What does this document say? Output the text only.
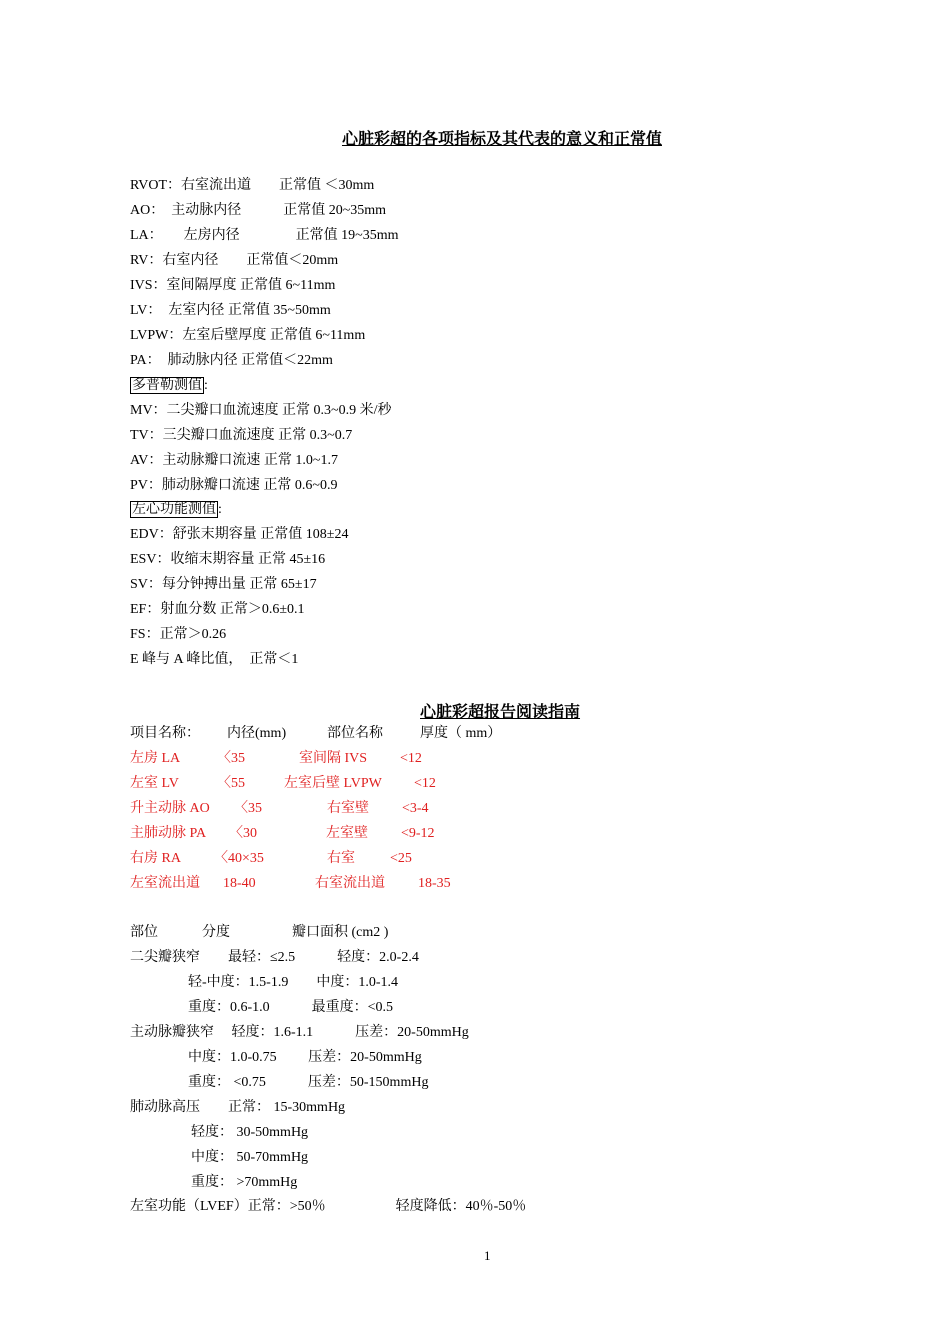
心脏彩超的各项指标及其代表的意义和正常值
RVOT：右室流出道　　正常值 ＜30mm
AO：　主动脉内径　　　正常值 20~35mm
LA：　　左房内径　　　　正常值 19~35mm
RV：右室内径　　正常值＜20mm
IVS：室间隔厚度 正常值 6~11mm
LV：　左室内径 正常值 35~50mm
LVPW：左室后壁厚度 正常值 6~11mm
PA：　肺动脉内径 正常值＜22mm
多普勒测值 :
MV：二尖瓣口血流速度 正常 0.3~0.9 米/秒
TV：三尖瓣口血流速度 正常 0.3~0.7
AV：主动脉瓣口流速 正常 1.0~1.7
PV：肺动脉瓣口流速 正常 0.6~0.9
左心功能测值 :
EDV：舒张末期容量 正常值 108±24
ESV：收缩末期容量 正常 45±16
SV：每分钟搏出量 正常 65±17
EF：射血分数 正常＞0.6±0.1
FS：正常＞0.26
E 峰与 A 峰比值，　正常＜1
心脏彩超报告阅读指南
项目名称： 内径(mm)	部位名称	厚度（ mm）
左房 LA	〈35	室间隔 IVS <12
左室 LV	〈55	左室后壁 LVPW <12
升主动脉 AO 〈35	右室壁 <3-4
主肺动脉 PA 〈30	左室壁 <9-12
右房 RA 〈40×35	右室	<25
左室流出道 18-40	右室流出道 18-35
部位	分度	瓣口面积 (cm2 )
二尖瓣狭窄　　最轻：≤2.5　　　轻度：2.0-2.4
轻-中度：1.5-1.9　　中度：1.0-1.4
重度：0.6-1.0　　　最重度：<0.5
主动脉瓣狭窄　 轻度：1.6-1.1　　　压差：20-50mmHg
中度：1.0-0.75　　 压差：20-50mmHg
重度： <0.75　　　压差：50-150mmHg
肺动脉高压　　正常： 15-30mmHg
轻度： 30-50mmHg
中度： 50-70mmHg
重度： >70mmHg
左室功能（LVEF）正常：>50％　　　　　轻度降低：40％-50％
1
